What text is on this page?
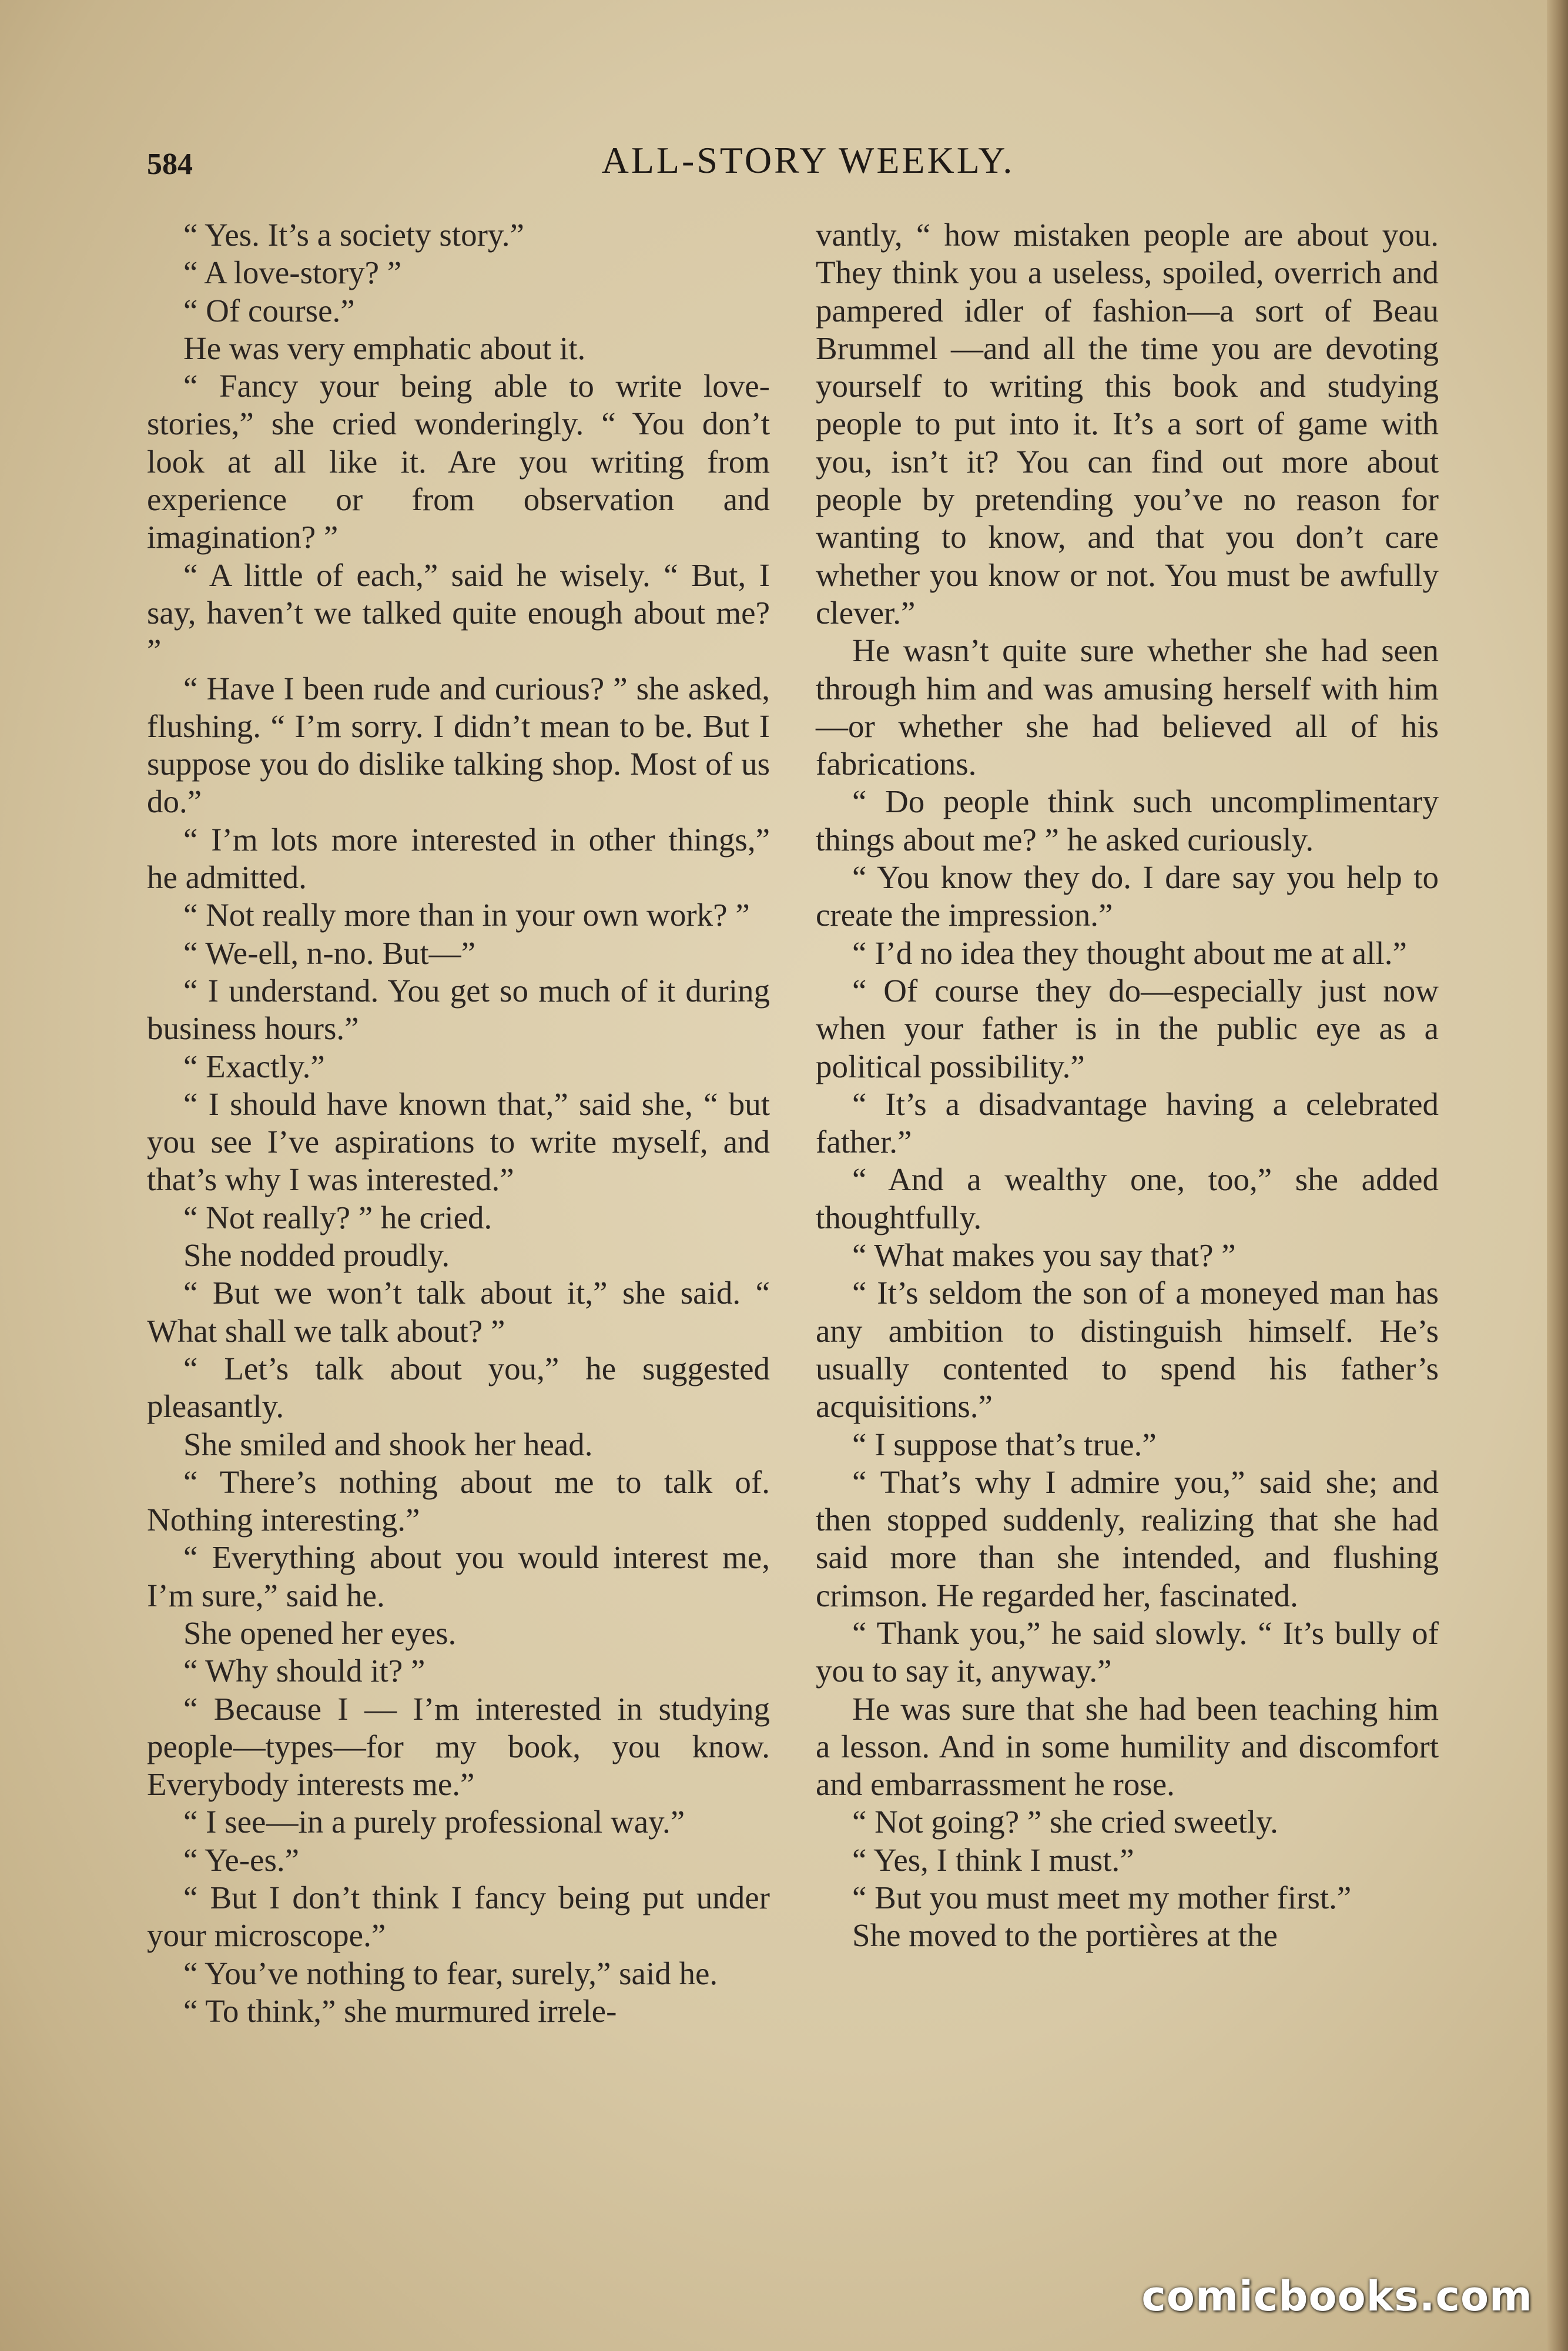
584	ALL-STORY WEEKLY.

“ Yes. It’s a society story.”

“ A love-story? ”

“ Of course.”

He was very emphatic about it.

“ Fancy your being able to write love-stories,” she cried wonderingly. “ You don’t look at all like it. Are you writing from experience or from observation and imagination? ”

“ A little of each,” said he wisely. “ But, I say, haven’t we talked quite enough about me? ”

“ Have I been rude and curious? ” she asked, flushing. “ I’m sorry. I didn’t mean to be. But I suppose you do dislike talking shop. Most of us do.”

“ I’m lots more interested in other things,” he admitted.

“ Not really more than in your own work? ”

“ We-ell, n-no. But—”

“ I understand. You get so much of it during business hours.”

“ Exactly.”

“ I should have known that,” said she, “ but you see I’ve aspirations to write myself, and that’s why I was interested.”

“ Not really? ” he cried.

She nodded proudly.

“ But we won’t talk about it,” she said. “ What shall we talk about? ”

“ Let’s talk about you,” he suggested pleasantly.

She smiled and shook her head.

“ There’s nothing about me to talk of. Nothing interesting.”

“ Everything about you would interest me, I’m sure,” said he.

She opened her eyes.

“ Why should it? ”

“ Because I — I’m interested in studying people—types—for my book, you know. Everybody interests me.”

“ I see—in a purely professional way.”

“ Ye-es.”

“ But I don’t think I fancy being put under your microscope.”

“ You’ve nothing to fear, surely,” said he.

“ To think,” she murmured irrele-

vantly, “ how mistaken people are about you. They think you a useless, spoiled, overrich and pampered idler of fashion—a sort of Beau Brummel —and all the time you are devoting yourself to writing this book and studying people to put into it. It’s a sort of game with you, isn’t it? You can find out more about people by pretending you’ve no reason for wanting to know, and that you don’t care whether you know or not. You must be awfully clever.”

He wasn’t quite sure whether she had seen through him and was amusing herself with him—or whether she had believed all of his fabrications.

“ Do people think such uncomplimentary things about me? ” he asked curiously.

“ You know they do. I dare say you help to create the impression.”

“ I’d no idea they thought about me at all.”

“ Of course they do—especially just now when your father is in the public eye as a political possibility.”

“ It’s a disadvantage having a celebrated father.”

“ And a wealthy one, too,” she added thoughtfully.

“ What makes you say that? ”

“ It’s seldom the son of a moneyed man has any ambition to distinguish himself. He’s usually contented to spend his father’s acquisitions.”

“ I suppose that’s true.”

“ That’s why I admire you,” said she; and then stopped suddenly, realizing that she had said more than she intended, and flushing crimson. He regarded her, fascinated.

“ Thank you,” he said slowly. “ It’s bully of you to say it, anyway.”

He was sure that she had been teaching him a lesson. And in some humility and discomfort and embarrassment he rose.

“ Not going? ” she cried sweetly.

“ Yes, I think I must.”

“ But you must meet my mother first.”

She moved to the portières at the

comicbooks.com
